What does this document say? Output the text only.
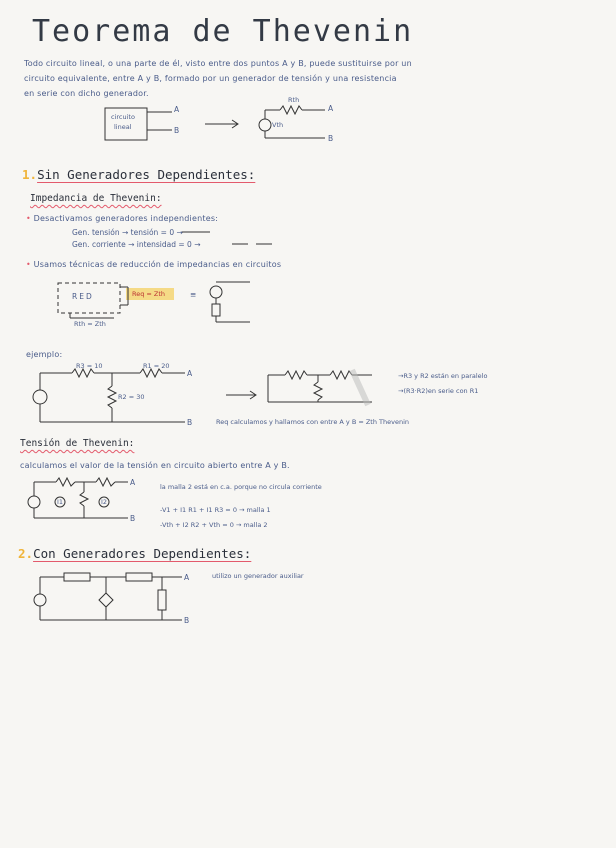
Teorema de Thevenin
Todo circuito lineal, o una parte de él, visto entre dos puntos A y B, puede sustituirse por un
circuito equivalente, entre A y B, formado por un generador de tensión y una resistencia
en serie con dicho generador.
circuito
lineal
A
B
Rth
Vth
A
B
1.Sin Generadores Dependientes:
Impedancia de Thevenin:
• Desactivamos generadores independientes:
Gen. tensión → tensión = 0 →
Gen. corriente → intensidad = 0 →
• Usamos técnicas de reducción de impedancias en circuitos
RED	Req = Zth
Rth = Zth
≡
ejemplo:
R3 = 10	R1 = 20
R2 = 30
A
B
→R3 y R2 están en paralelo
→(R3·R2)en serie con R1
Req calculamos y hallamos con entre A y B = Zth Thevenin
Tensión de Thevenin:
calculamos el valor de la tensión en circuito abierto entre A y B.
A
B
I1	I2
la malla 2 está en c.a. porque no circula corriente
-V1 + I1 R1 + I1 R3 = 0 → malla 1
-Vth + I2 R2 + Vth = 0 → malla 2
2.Con Generadores Dependientes:
A
B
utilizo un generador auxiliar
